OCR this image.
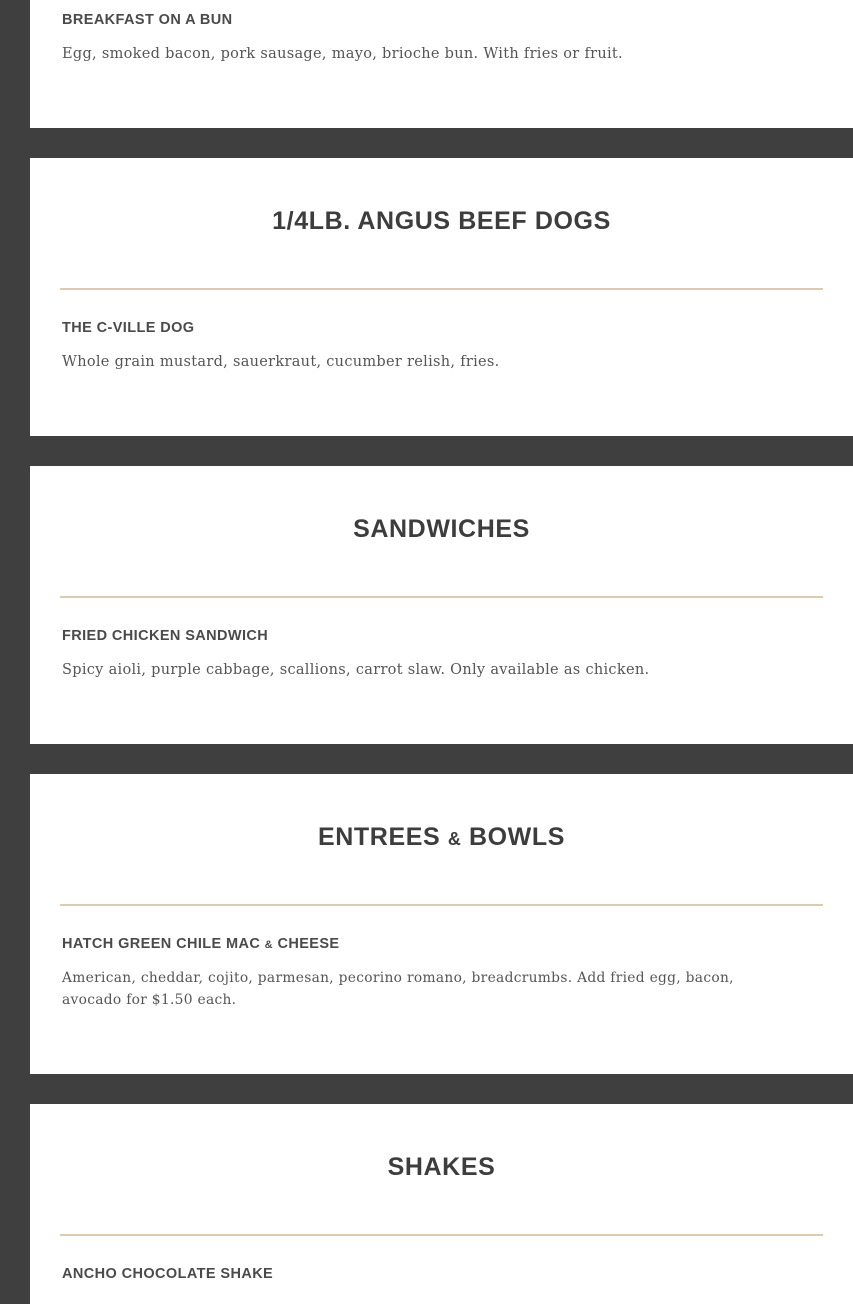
BREAKFAST ON A BUN

Egg, smoked bacon, pork sausage, mayo, brioche bun. With fries or fruit.

1/4LB. ANGUS BEEF DOGS
THE C-VILLE DOG

Whole grain mustard, sauerkraut, cucumber relish, fries.

SANDWICHES
FRIED CHICKEN SANDWICH

Spicy aioli, purple cabbage, scallions, carrot slaw. Only available as chicken.

ENTREES & BOWLS
HATCH GREEN CHILE MAC & CHEESE

American, cheddar, cojito, parmesan, pecorino romano, breadcrumbs. Add fried egg, bacon, avocado for $1.50 each.

SHAKES
ANCHO CHOCOLATE SHAKE
